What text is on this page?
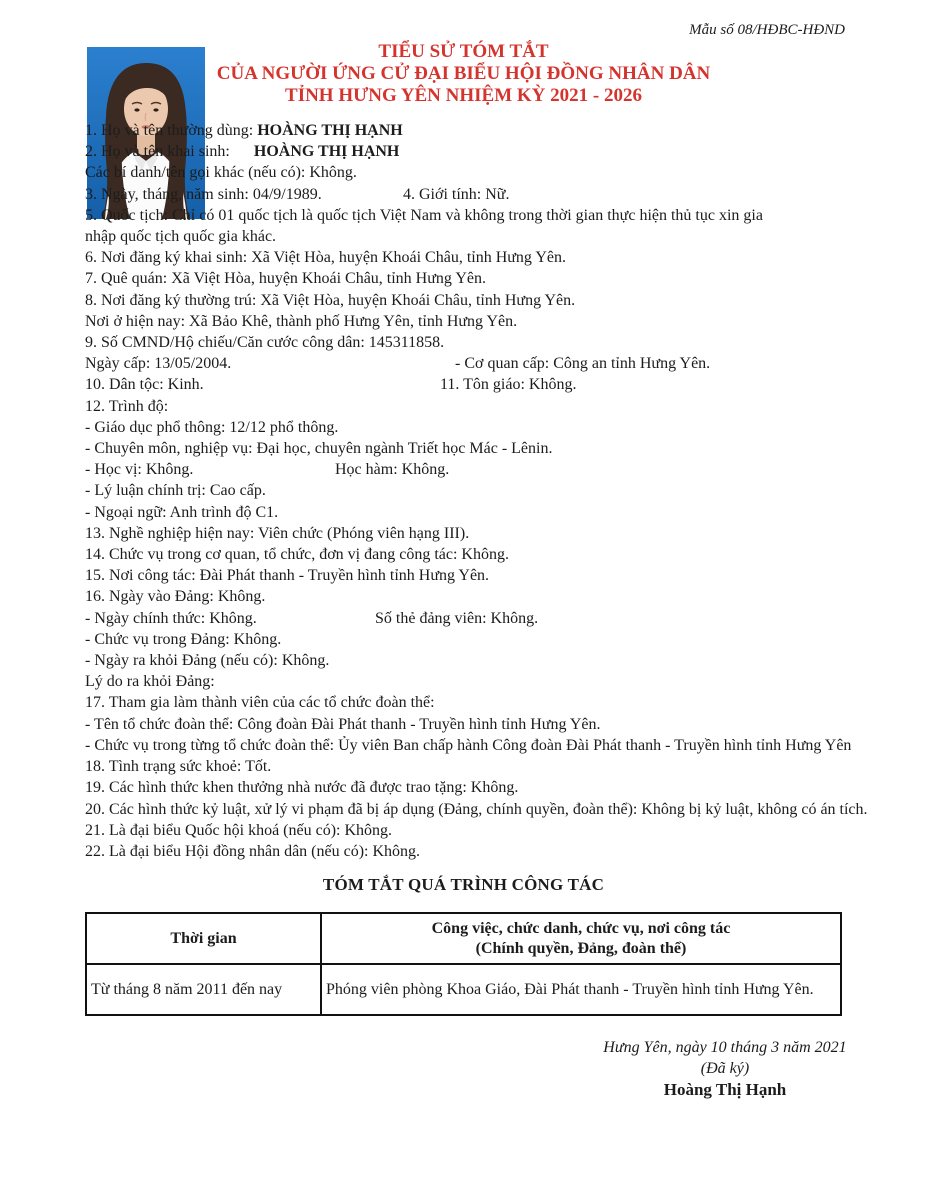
Mẫu số 08/HĐBC-HĐND
TIỂU SỬ TÓM TẮT
CỦA NGƯỜI ỨNG CỬ ĐẠI BIỂU HỘI ĐỒNG NHÂN DÂN
TỈNH HƯNG YÊN NHIỆM KỲ 2021 - 2026

1. Họ và tên thường dùng: HOÀNG THỊ HẠNH

2. Họ và tên khai sinh: HOÀNG THỊ HẠNH

Các bí danh/tên gọi khác (nếu có): Không.

3. Ngày, tháng, năm sinh: 04/9/1989.	4. Giới tính: Nữ.

5. Quốc tịch: Chỉ có 01 quốc tịch là quốc tịch Việt Nam và không trong thời gian thực hiện thủ tục xin gia

nhập quốc tịch quốc gia khác.

6. Nơi đăng ký khai sinh: Xã Việt Hòa, huyện Khoái Châu, tỉnh Hưng Yên.

7. Quê quán: Xã Việt Hòa, huyện Khoái Châu, tỉnh Hưng Yên.

8. Nơi đăng ký thường trú: Xã Việt Hòa, huyện Khoái Châu, tỉnh Hưng Yên.

Nơi ở hiện nay: Xã Bảo Khê, thành phố Hưng Yên, tỉnh Hưng Yên.

9. Số CMND/Hộ chiếu/Căn cước công dân: 145311858.

Ngày cấp: 13/05/2004.	- Cơ quan cấp: Công an tỉnh Hưng Yên.

10. Dân tộc: Kinh.	11. Tôn giáo: Không.

12. Trình độ:

- Giáo dục phổ thông: 12/12 phổ thông.

- Chuyên môn, nghiệp vụ: Đại học, chuyên ngành Triết học Mác - Lênin.

- Học vị: Không.	Học hàm: Không.

- Lý luận chính trị: Cao cấp.

- Ngoại ngữ: Anh trình độ C1.

13. Nghề nghiệp hiện nay: Viên chức (Phóng viên hạng III).

14. Chức vụ trong cơ quan, tổ chức, đơn vị đang công tác: Không.

15. Nơi công tác: Đài Phát thanh - Truyền hình tỉnh Hưng Yên.

16. Ngày vào Đảng: Không.

- Ngày chính thức: Không.	Số thẻ đảng viên: Không.

- Chức vụ trong Đảng: Không.

- Ngày ra khỏi Đảng (nếu có): Không.

Lý do ra khỏi Đảng:

17. Tham gia làm thành viên của các tổ chức đoàn thể:

- Tên tổ chức đoàn thể: Công đoàn Đài Phát thanh - Truyền hình tỉnh Hưng Yên.

- Chức vụ trong từng tổ chức đoàn thể: Ủy viên Ban chấp hành Công đoàn Đài Phát thanh - Truyền hình tỉnh Hưng Yên

18. Tình trạng sức khoẻ: Tốt.

19. Các hình thức khen thưởng nhà nước đã được trao tặng: Không.

20. Các hình thức kỷ luật, xử lý vi phạm đã bị áp dụng (Đảng, chính quyền, đoàn thể): Không bị kỷ luật, không có án tích.

21. Là đại biểu Quốc hội khoá (nếu có): Không.

22. Là đại biểu Hội đồng nhân dân (nếu có): Không.

TÓM TẮT QUÁ TRÌNH CÔNG TÁC
Thời gian	Công việc, chức danh, chức vụ, nơi công tác
(Chính quyền, Đảng, đoàn thể)

Từ tháng 8 năm 2011 đến nay	Phóng viên phòng Khoa Giáo, Đài Phát thanh - Truyền hình tỉnh Hưng Yên.
Hưng Yên, ngày 10 tháng 3 năm 2021
(Đã ký)
Hoàng Thị Hạnh
